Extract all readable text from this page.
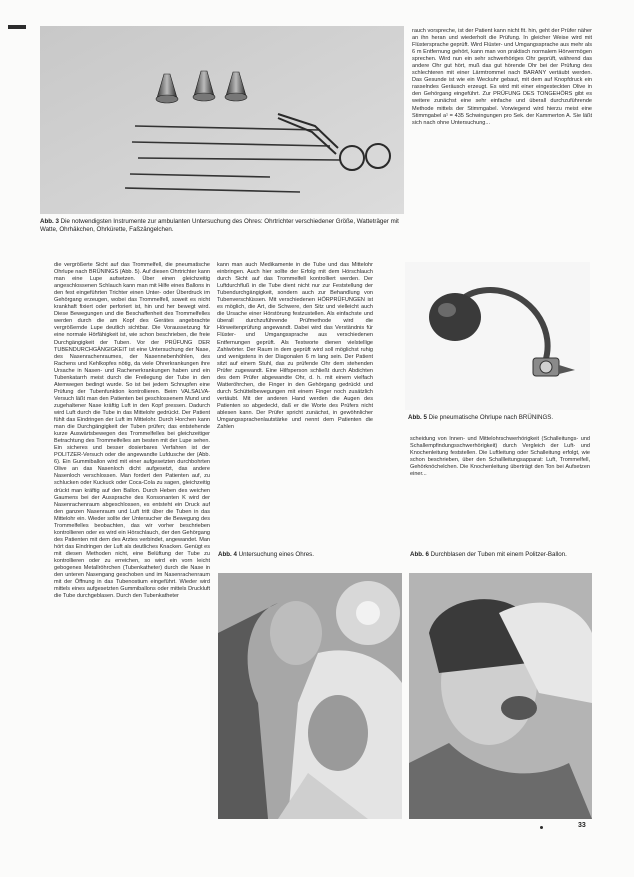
Abb. 3 Die notwendigsten Instrumente zur ambulanten Untersuchung des Ohres: Ohrtrichter verschiedener Größe, Watteträger mit Watte, Ohrhäkchen, Ohrkürette, Faßzängelchen.

rauch vorspreche, ist der Patient kann nicht fit. hin, geht der Prüfer näher an ihn heran und wiederholt die Prüfung. In gleicher Weise wird mit Flüstersprache geprüft. Wird Flüster- und Umgangssprache aus mehr als 6 m Entfernung gehört, kann man von praktisch normalem Hörvermögen sprechen. Wird nun ein sehr schwerhöriges Ohr geprüft, während das andere Ohr gut hört, muß das gut hörende Ohr bei der Prüfung des schlechteren mit einer Lärmtrommel nach BARANY vertäubt werden. Das Gesunde ist wie ein Weckuhr gebaut, mit dem auf Knopfdruck ein rasselndes Geräusch erzeugt. Es wird mit einer eingesteckten Olive in den Gehörgang eingeführt. Zur PRÜFUNG DES TONGEHÖRS gibt es weitere zunächst eine sehr einfache und überall durchzuführende Methode mittels der Stimmgabel. Vorwiegend wird hierzu meist eine Stimmgabel a¹ = 435 Schwingungen pro Sek. der Kammerton A. Sie läßt sich nach ohne Untersuchung...

die vergrößerte Sicht auf das Trommelfell, die pneumatische Ohrlupe nach BRÜNINGS (Abb. 5). Auf diesen Ohrtrichter kann man eine Lupe aufsetzen. Über einen gleichzeitig angeschlossenen Schlauch kann man mit Hilfe eines Ballons in den fest eingeführten Trichter einen Unter- oder Überdruck im Gehörgang erzeugen, wobei das Trommelfell, soweit es nicht krankhaft fixiert oder perforiert ist, hin und her bewegt wird. Diese Bewegungen und die Beschaffenheit des Trommelfelles werden durch die am Kopf des Gerätes angebrachte vergrößernde Lupe deutlich sichtbar. Die Voraussetzung für eine normale Hörfähigkeit ist, wie schon beschrieben, die freie Durchgängigkeit der Tuben. Vor der PRÜFUNG DER TUBENDURCHGÄNGIGKEIT ist eine Untersuchung der Nase, des Nasenrachenraumes, der Nasennebenhöhlen, des Rachens und Kehlkopfes nötig, da viele Ohrerkrankungen ihre Ursache in Nasen- und Rachenerkrankungen haben und ein Tubenkatarrh meist durch die Freilegung der Tube in den Atemwegen bedingt wurde. So ist bei jedem Schnupfen eine Prüfung der Tubenfunktion kontrollieren. Beim VALSALVA-Versuch läßt man den Patienten bei geschlossenem Mund und zugehaltener Nase kräftig Luft in den Kopf pressen. Dadurch wird Luft durch die Tube in das Mittelohr gedrückt. Der Patient fühlt das Eindringen der Luft im Mittelohr. Durch Horchen kann man die Durchgängigkeit der Tuben prüfen; das entstehende kurze Auswärtsbewegen des Trommelfelles bei gleichzeitiger Betrachtung des Trommelfelles am besten mit der Lupe sehen. Ein sicheres und besser dosierbares Verfahren ist der POLITZER-Versuch oder die angewandte Lufdusche der (Abb. 6). Ein Gummiballon wird mit einer aufgesetzten durchbohrten Olive an das Nasenloch dicht aufgesetzt, das andere Nasenloch verschlossen. Man fordert den Patienten auf, zu schlucken oder Kuckuck oder Coca-Cola zu sagen, gleichzeitig drückt man kräftig auf den Ballon. Durch Heben des weichen Gaumens bei der Aussprache des Konsonanten K wird der Nasenrachenraum abgeschlossen, es entsteht ein Druck auf den ganzen Nasenraum und Luft tritt über die Tuben in das Mittelohr ein. Wieder sollte der Untersucher die Bewegung des Trommelfelles beobachten, das wir vorher beschrieben kontrollieren oder es wird ein Hörschlauch, der den Gehörgang des Patienten mit dem des Arztes verbindet, angewandet. Man hört das Eindringen der Luft als deutliches Knacken. Genügt es mit diesen Methoden nicht, eine Belüftung der Tube zu kontrollieren oder zu erreichen, so wird ein vorn leicht gebogenes Metallröhrchen (Tubenkatheter) durch die Nase in den unteren Nasengang geschoben und im Nasenrachenraum mit der Öffnung in das Tubenostium eingeführt. Wieder wird mittels eines aufgesetzten Gummiballons oder mittels Druckluft die Tube durchgeblasen. Durch den Tubenkatheter

kann man auch Medikamente in die Tube und das Mittelohr einbringen. Auch hier sollte der Erfolg mit dem Hörschlauch durch Sicht auf das Trommelfell kontrolliert werden. Der Luftdurchfluß in die Tube dient nicht nur zur Feststellung der Tubendurchgängigkeit, sondern auch zur Behandlung von Tubenverschlüssen. Mit verschiedenen HÖRPRÜFUNGEN ist es möglich, die Art, die Schwere, den Sitz und vielleicht auch die Ursache einer Hörstörung festzustellen. Als einfachste und überall durchzuführende Prüfmethode wird die Hörweitenprüfung angewandt. Dabei wird das Verständnis für Flüster- und Umgangssprache aus verschiedenen Entfernungen geprüft. Als Testworte dienen vielstellige Zahlwörter. Der Raum in dem geprüft wird soll möglichst ruhig und wenigstens in der Diagonalen 6 m lang sein. Der Patient sitzt auf einem Stuhl, das zu prüfende Ohr dem stehenden Prüfer zugewandt. Eine Hilfsperson schließt durch Abdichten des dem Prüfer abgewandte Ohr, d. h. mit einem vielfach Watteröhrchen, die Finger in den Gehörgang gedrückt und durch Schüttelbewegungen mit einem Finger noch zusätzlich vertäubt. Mit der anderen Hand werden die Augen des Patienten so abgedeckt, daß er die Worte des Prüfers nicht ablesen kann. Der Prüfer spricht zunächst, in gewöhnlicher Umgangssprachenlautstärke und nennt dem Patienten die Zahlen

Abb. 5 Die pneumatische Ohrlupe nach BRÜNINGS.

scheidung von Innen- und Mittelohrschwerhörigkeit (Schalleitungs- und Schallempfindungsschwerhörigkeit) durch Vergleich der Luft- und Knochenleitung feststellen. Die Luftleitung oder Schalleitung erfolgt, wie schon beschrieben, über den Schallleitungsapparat: Luft, Trommelfell, Gehörknöchelchen. Die Knochenleitung überträgt den Ton bei Aufsetzen einer...

Abb. 4 Untersuchung eines Ohres.	Abb. 6 Durchblasen der Tuben mit einem Politzer-Ballon.
33
